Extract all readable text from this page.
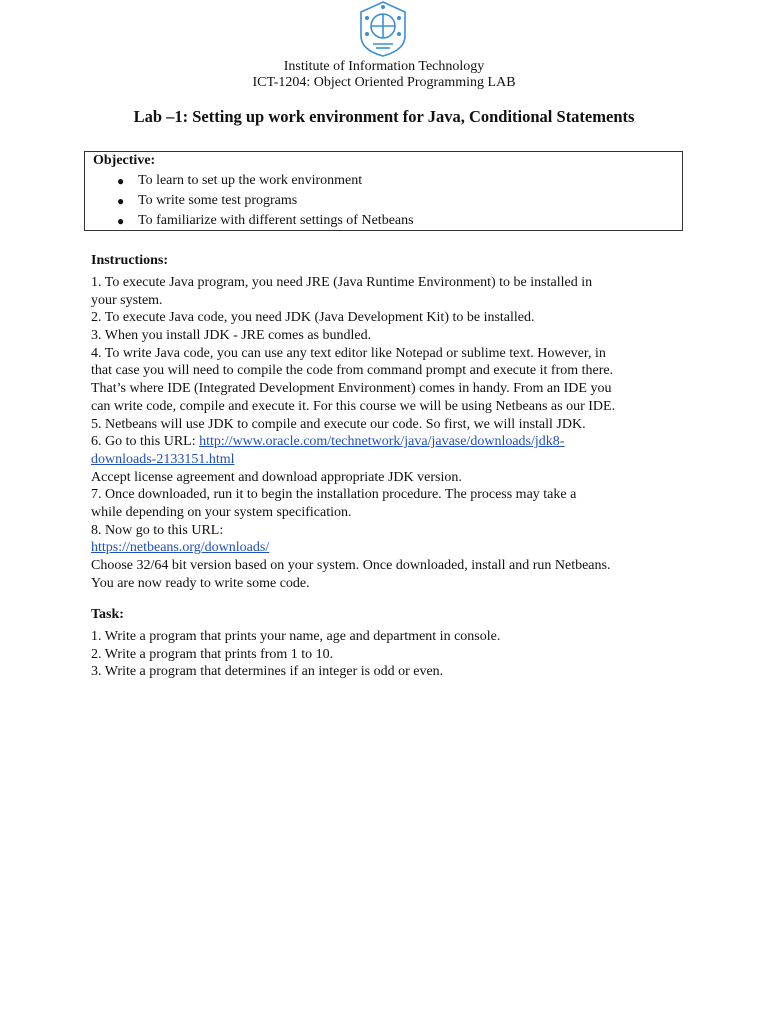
Institute of Information Technology
ICT-1204: Object Oriented Programming LAB
Lab –1: Setting up work environment for Java, Conditional Statements
Objective:
● To learn to set up the work environment
● To write some test programs
● To familiarize with different settings of Netbeans
Instructions:
1. To execute Java program, you need JRE (Java Runtime Environment) to be installed in
your system.
2. To execute Java code, you need JDK (Java Development Kit) to be installed.
3. When you install JDK - JRE comes as bundled.
4. To write Java code, you can use any text editor like Notepad or sublime text. However, in
that case you will need to compile the code from command prompt and execute it from there.
That’s where IDE (Integrated Development Environment) comes in handy. From an IDE you
can write code, compile and execute it. For this course we will be using Netbeans as our IDE.
5. Netbeans will use JDK to compile and execute our code. So first, we will install JDK.
6. Go to this URL: http://www.oracle.com/technetwork/java/javase/downloads/jdk8-
downloads-2133151.html
Accept license agreement and download appropriate JDK version.
7. Once downloaded, run it to begin the installation procedure. The process may take a
while depending on your system specification.
8. Now go to this URL:
https://netbeans.org/downloads/
Choose 32/64 bit version based on your system. Once downloaded, install and run Netbeans.
You are now ready to write some code.
Task:
1. Write a program that prints your name, age and department in console.
2. Write a program that prints from 1 to 10.
3. Write a program that determines if an integer is odd or even.
